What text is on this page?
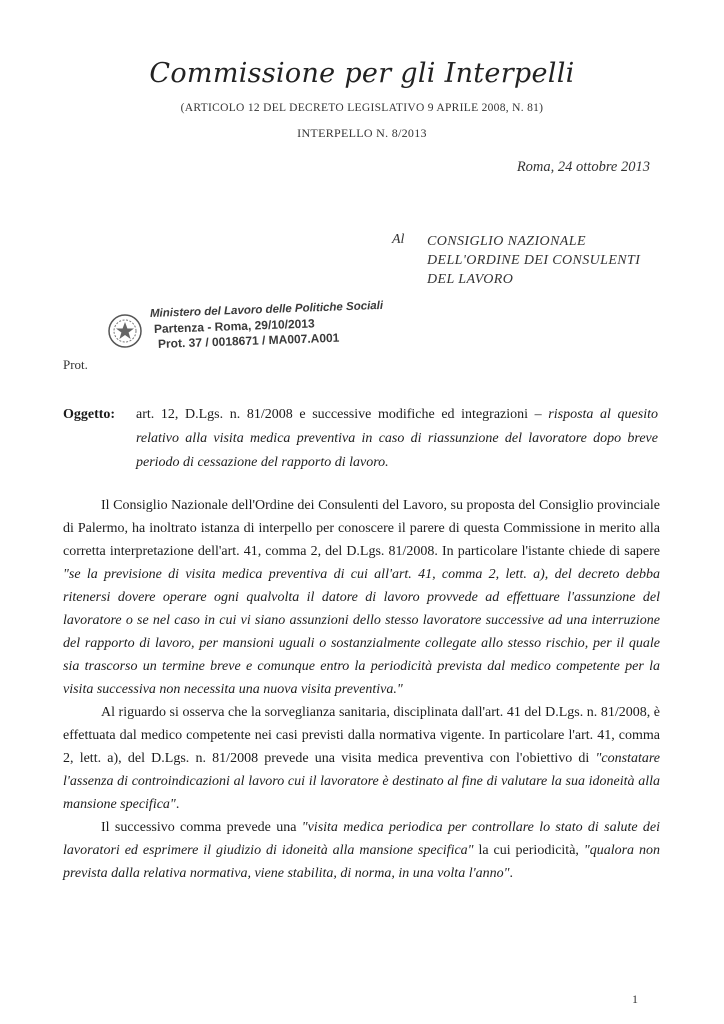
Commissione per gli Interpelli
(ARTICOLO 12 DEL DECRETO LEGISLATIVO 9 APRILE 2008, N. 81)
INTERPELLO N. 8/2013
Roma, 24 ottobre 2013
Al CONSIGLIO NAZIONALE
DELL'ORDINE DEI CONSULENTI
DEL LAVORO
Ministero del Lavoro delle Politiche Sociali
Partenza - Roma, 29/10/2013
Prot. 37 / 0018671 / MA007.A001
Prot.
Oggetto: art. 12, D.Lgs. n. 81/2008 e successive modifiche ed integrazioni – risposta al quesito relativo alla visita medica preventiva in caso di riassunzione del lavoratore dopo breve periodo di cessazione del rapporto di lavoro.

Il Consiglio Nazionale dell'Ordine dei Consulenti del Lavoro, su proposta del Consiglio provinciale di Palermo, ha inoltrato istanza di interpello per conoscere il parere di questa Commissione in merito alla corretta interpretazione dell'art. 41, comma 2, del D.Lgs. 81/2008. In particolare l'istante chiede di sapere "se la previsione di visita medica preventiva di cui all'art. 41, comma 2, lett. a), del decreto debba ritenersi dovere operare ogni qualvolta il datore di lavoro provvede ad effettuare l'assunzione del lavoratore o se nel caso in cui vi siano assunzioni dello stesso lavoratore successive ad una interruzione del rapporto di lavoro, per mansioni uguali o sostanzialmente collegate allo stesso rischio, per il quale sia trascorso un termine breve e comunque entro la periodicità prevista dal medico competente per la visita successiva non necessita una nuova visita preventiva."

Al riguardo si osserva che la sorveglianza sanitaria, disciplinata dall'art. 41 del D.Lgs. n. 81/2008, è effettuata dal medico competente nei casi previsti dalla normativa vigente. In particolare l'art. 41, comma 2, lett. a), del D.Lgs. n. 81/2008 prevede una visita medica preventiva con l'obiettivo di "constatare l'assenza di controindicazioni al lavoro cui il lavoratore è destinato al fine di valutare la sua idoneità alla mansione specifica".

Il successivo comma prevede una "visita medica periodica per controllare lo stato di salute dei lavoratori ed esprimere il giudizio di idoneità alla mansione specifica" la cui periodicità, "qualora non prevista dalla relativa normativa, viene stabilita, di norma, in una volta l'anno".

1
